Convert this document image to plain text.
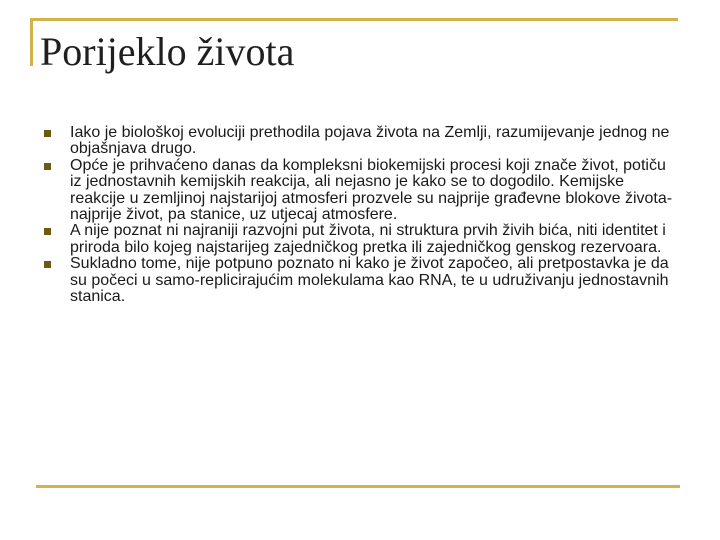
Porijeklo života
Iako je biološkoj evoluciji prethodila pojava života na Zemlji, razumijevanje jednog ne objašnjava drugo.
Opće je prihvaćeno danas da kompleksni biokemijski procesi koji znače život, potiču iz jednostavnih kemijskih reakcija, ali nejasno je kako se to dogodilo. Kemijske reakcije u zemljinoj najstarijoj atmosferi prozvele su najprije građevne blokove života- najprije život, pa stanice, uz utjecaj atmosfere.
A nije poznat ni najraniji razvojni put života, ni struktura prvih živih bića, niti identitet i priroda bilo kojeg najstarijeg zajedničkog pretka ili zajedničkog genskog rezervoara.
Sukladno tome, nije potpuno poznato ni kako je život započeo, ali pretpostavka je da su počeci u samo-replicirajućim molekulama kao RNA, te u udruživanju jednostavnih stanica.
